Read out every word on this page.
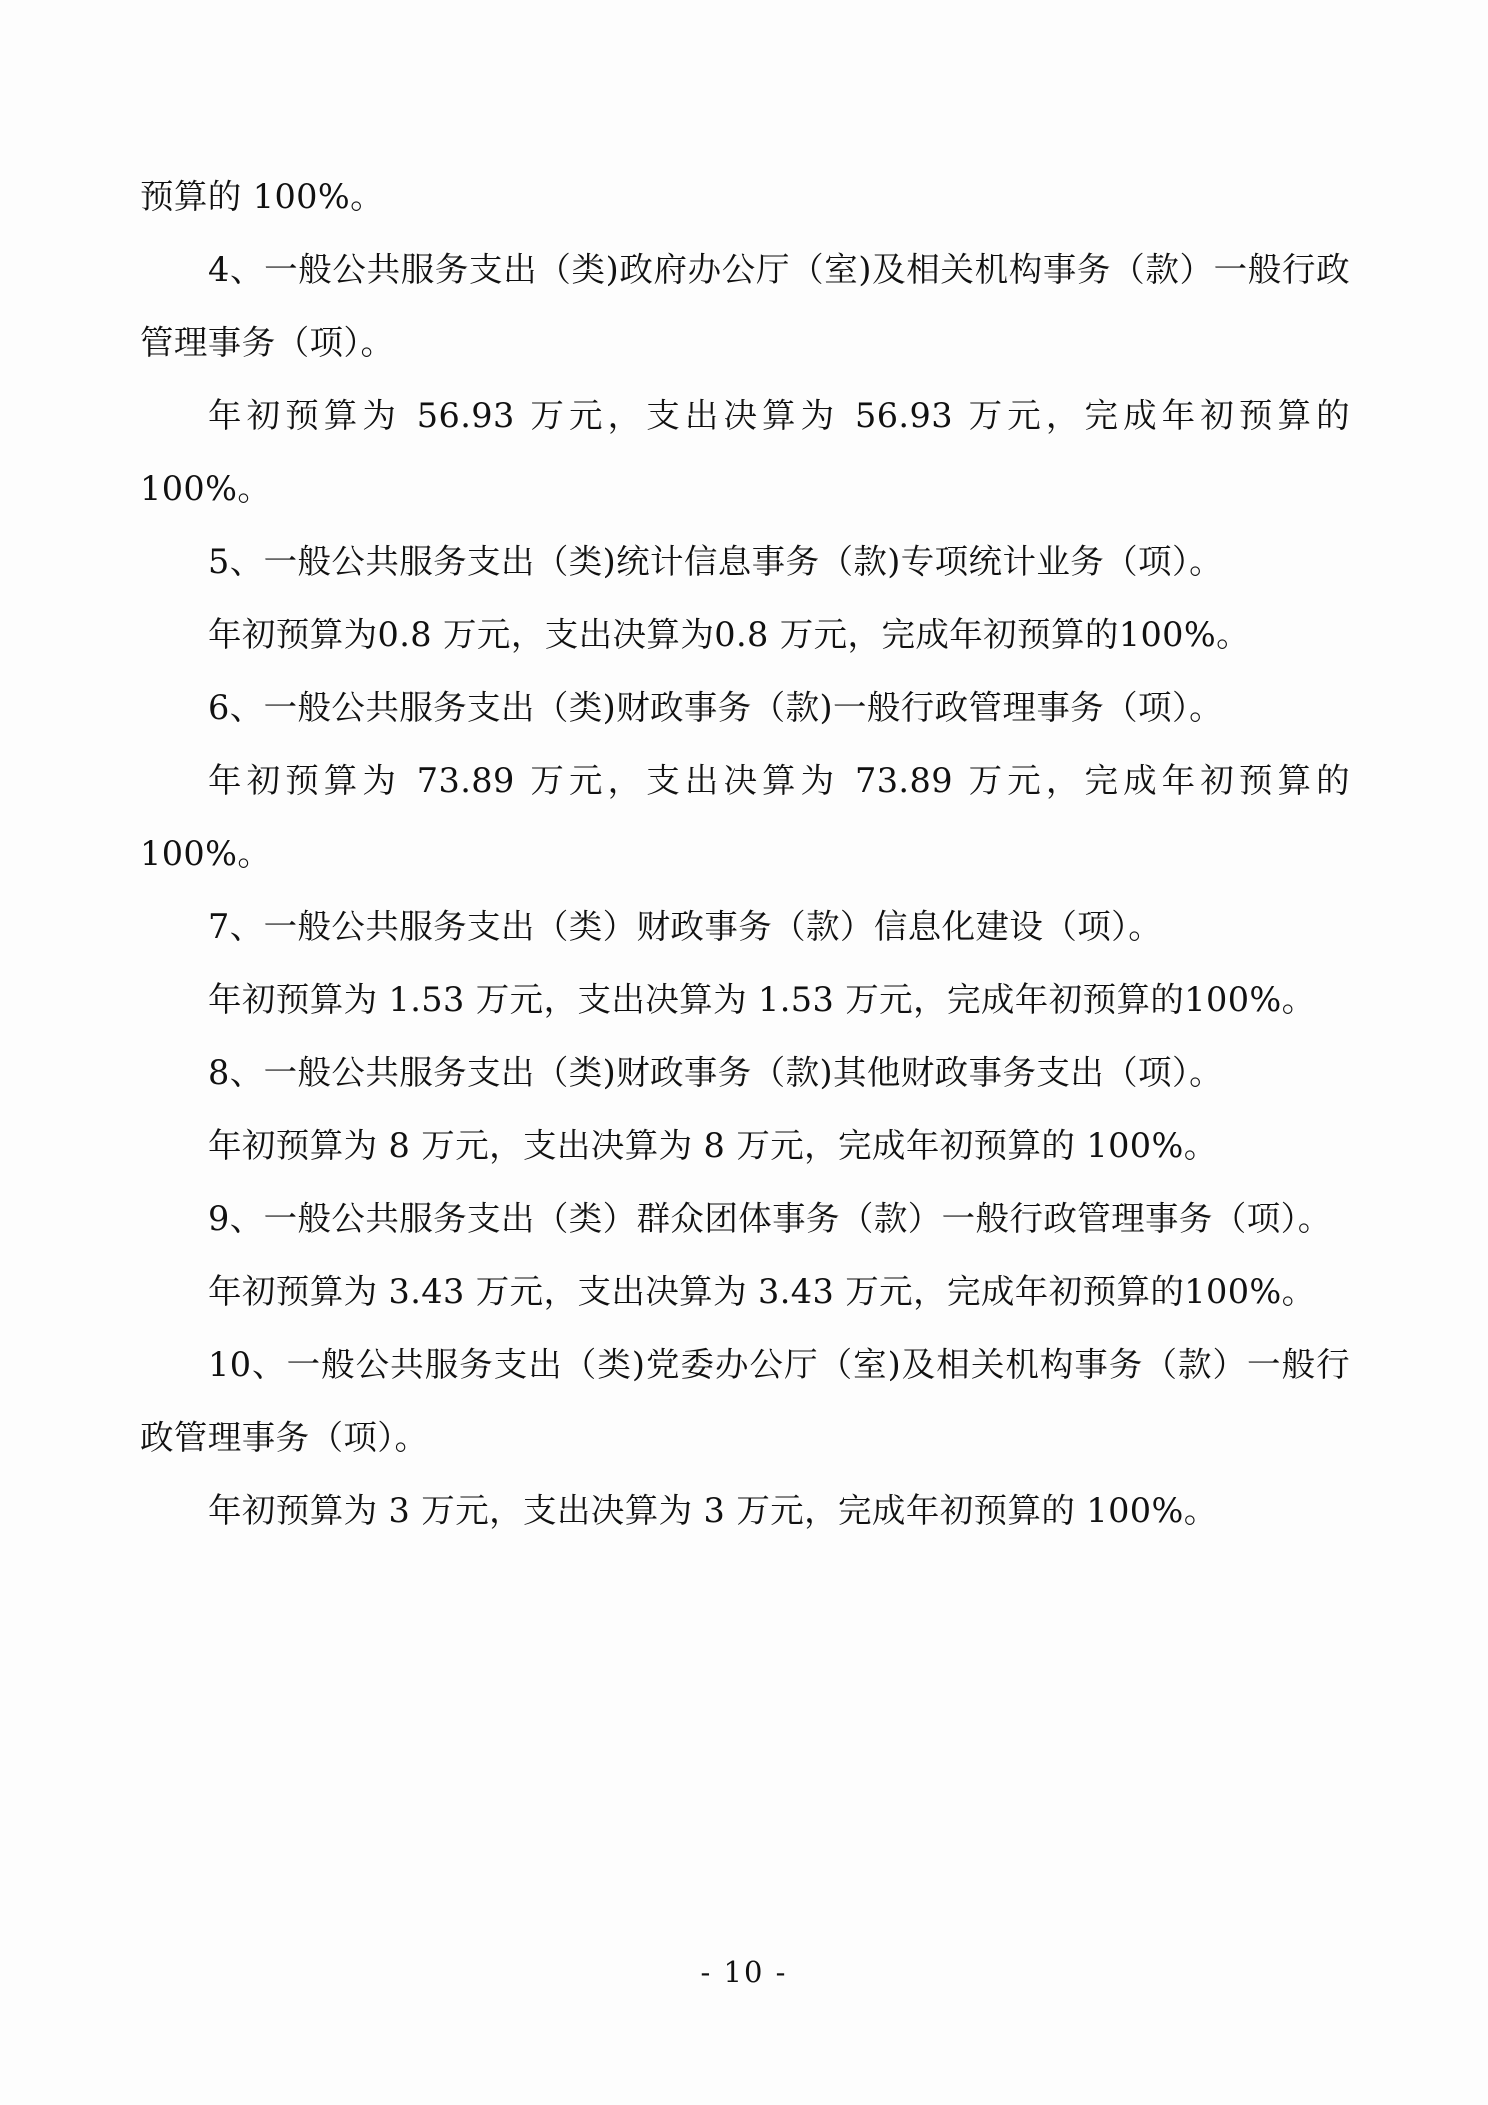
预算的 100%。

4、一般公共服务支出（类)政府办公厅（室)及相关机构事务（款）一般行政管理事务（项）。

年初预算为 56.93 万元，支出决算为 56.93 万元，完成年初预算的 100%。

5、一般公共服务支出（类)统计信息事务（款)专项统计业务（项）。

年初预算为0.8 万元，支出决算为0.8 万元，完成年初预算的100%。

6、一般公共服务支出（类)财政事务（款)一般行政管理事务（项）。

年初预算为 73.89 万元，支出决算为 73.89 万元，完成年初预算的 100%。

7、一般公共服务支出（类）财政事务（款）信息化建设（项）。

年初预算为 1.53 万元，支出决算为 1.53 万元，完成年初预算的100%。

8、一般公共服务支出（类)财政事务（款)其他财政事务支出（项）。

年初预算为 8 万元，支出决算为 8 万元，完成年初预算的 100%。

9、一般公共服务支出（类）群众团体事务（款）一般行政管理事务（项）。

年初预算为 3.43 万元，支出决算为 3.43 万元，完成年初预算的100%。

10、一般公共服务支出（类)党委办公厅（室)及相关机构事务（款）一般行政管理事务（项）。

年初预算为 3 万元，支出决算为 3 万元，完成年初预算的 100%。

- 10 -
